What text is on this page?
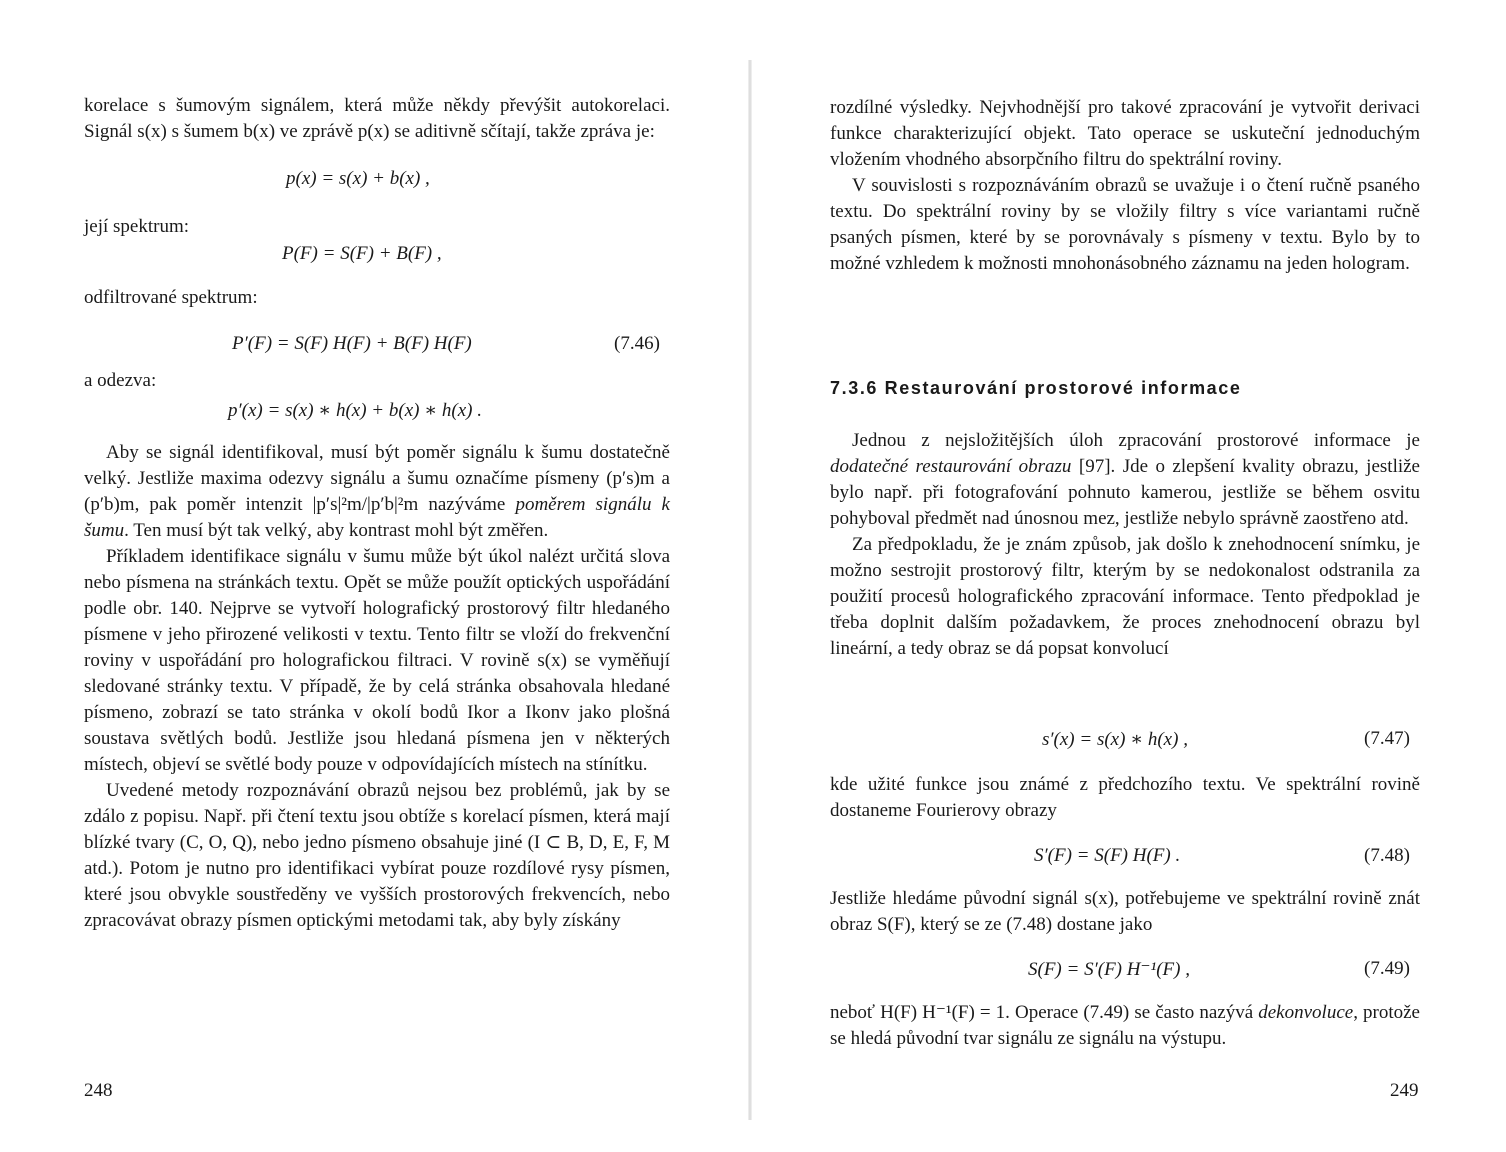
korelace s šumovým signálem, která může někdy převýšit autokorelaci. Signál s(x) s šumem b(x) ve zprávě p(x) se aditivně sčítají, takže zpráva je:

p(x) = s(x) + b(x) ,
její spektrum:
P(F) = S(F) + B(F) ,
odfiltrované spektrum:
P′(F) = S(F) H(F) + B(F) H(F)	(7.46)
a odezva:
p′(x) = s(x) ∗ h(x) + b(x) ∗ h(x) .

Aby se signál identifikoval, musí být poměr signálu k šumu dostatečně velký. Jestliže maxima odezvy signálu a šumu označíme písmeny (p′s)m a (p′b)m, pak poměr intenzit |p′s|²m/|p′b|²m nazýváme poměrem signálu k šumu. Ten musí být tak velký, aby kontrast mohl být změřen.

Příkladem identifikace signálu v šumu může být úkol nalézt určitá slova nebo písmena na stránkách textu. Opět se může použít optických uspořádání podle obr. 140. Nejprve se vytvoří holografický prostorový filtr hledaného písmene v jeho přirozené velikosti v textu. Tento filtr se vloží do frekvenční roviny v uspořádání pro holografickou filtraci. V rovině s(x) se vyměňují sledované stránky textu. V případě, že by celá stránka obsahovala hledané písmeno, zobrazí se tato stránka v okolí bodů Ikor a Ikonv jako plošná soustava světlých bodů. Jestliže jsou hledaná písmena jen v některých místech, objeví se světlé body pouze v odpovídajících místech na stínítku.

Uvedené metody rozpoznávání obrazů nejsou bez problémů, jak by se zdálo z popisu. Např. při čtení textu jsou obtíže s korelací písmen, která mají blízké tvary (C, O, Q), nebo jedno písmeno obsahuje jiné (I ⊂ B, D, E, F, M atd.). Potom je nutno pro identifikaci vybírat pouze rozdílové rysy písmen, které jsou obvykle soustředěny ve vyšších prostorových frekvencích, nebo zpracovávat obrazy písmen optickými metodami tak, aby byly získány

248

rozdílné výsledky. Nejvhodnější pro takové zpracování je vytvořit derivaci funkce charakterizující objekt. Tato operace se uskuteční jednoduchým vložením vhodného absorpčního filtru do spektrální roviny.

V souvislosti s rozpoznáváním obrazů se uvažuje i o čtení ručně psaného textu. Do spektrální roviny by se vložily filtry s více variantami ručně psaných písmen, které by se porovnávaly s písmeny v textu. Bylo by to možné vzhledem k možnosti mnohonásobného záznamu na jeden hologram.

7.3.6 Restaurování prostorové informace

Jednou z nejsložitějších úloh zpracování prostorové informace je dodatečné restaurování obrazu [97]. Jde o zlepšení kvality obrazu, jestliže bylo např. při fotografování pohnuto kamerou, jestliže se během osvitu pohyboval předmět nad únosnou mez, jestliže nebylo správně zaostřeno atd.

Za předpokladu, že je znám způsob, jak došlo k znehodnocení snímku, je možno sestrojit prostorový filtr, kterým by se nedokonalost odstranila za použití procesů holografického zpracování informace. Tento předpoklad je třeba doplnit dalším požadavkem, že proces znehodnocení obrazu byl lineární, a tedy obraz se dá popsat konvolucí

s′(x) = s(x) ∗ h(x) ,	(7.47)

kde užité funkce jsou známé z předchozího textu. Ve spektrální rovině dostaneme Fourierovy obrazy

S′(F) = S(F) H(F) .	(7.48)

Jestliže hledáme původní signál s(x), potřebujeme ve spektrální rovině znát obraz S(F), který se ze (7.48) dostane jako

S(F) = S′(F) H⁻¹(F) ,	(7.49)

neboť H(F) H⁻¹(F) = 1. Operace (7.49) se často nazývá dekonvoluce, protože se hledá původní tvar signálu ze signálu na výstupu.

249
